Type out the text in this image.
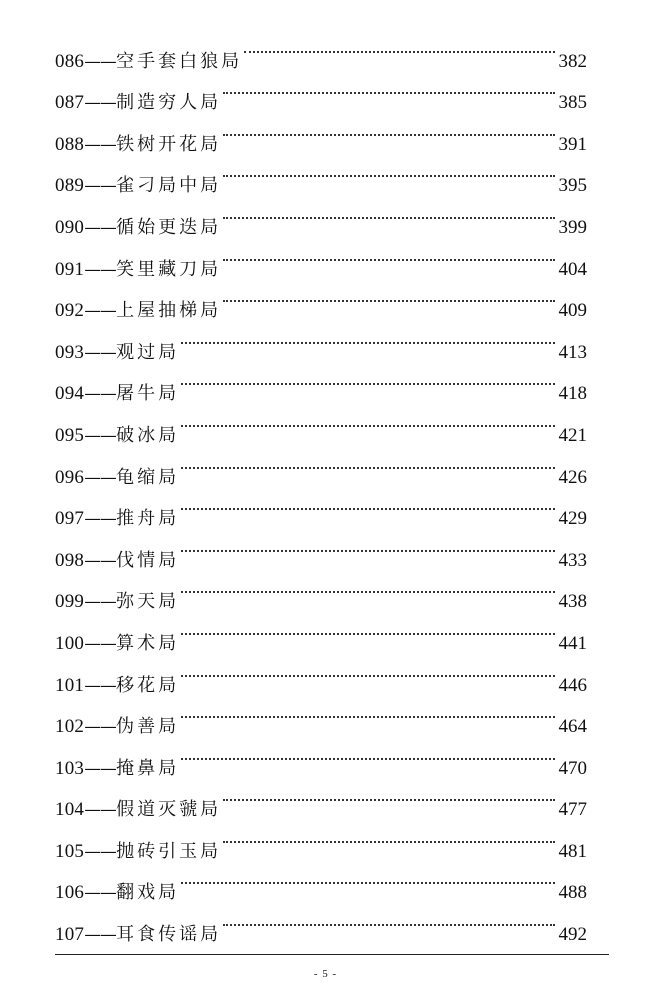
086 —— 空手套白狼局	382
087 —— 制造穷人局	385
088 —— 铁树开花局	391
089 —— 雀刁局中局	395
090 —— 循始更迭局	399
091 —— 笑里藏刀局	404
092 —— 上屋抽梯局	409
093 —— 观过局	413
094 —— 屠牛局	418
095 —— 破冰局	421
096 —— 龟缩局	426
097 —— 推舟局	429
098 —— 伐情局	433
099 —— 弥天局	438
100 —— 算术局	441
101 —— 移花局	446
102 —— 伪善局	464
103 —— 掩鼻局	470
104 —— 假道灭虢局	477
105 —— 抛砖引玉局	481
106 —— 翻戏局	488
107 —— 耳食传谣局	492
- 5 -
